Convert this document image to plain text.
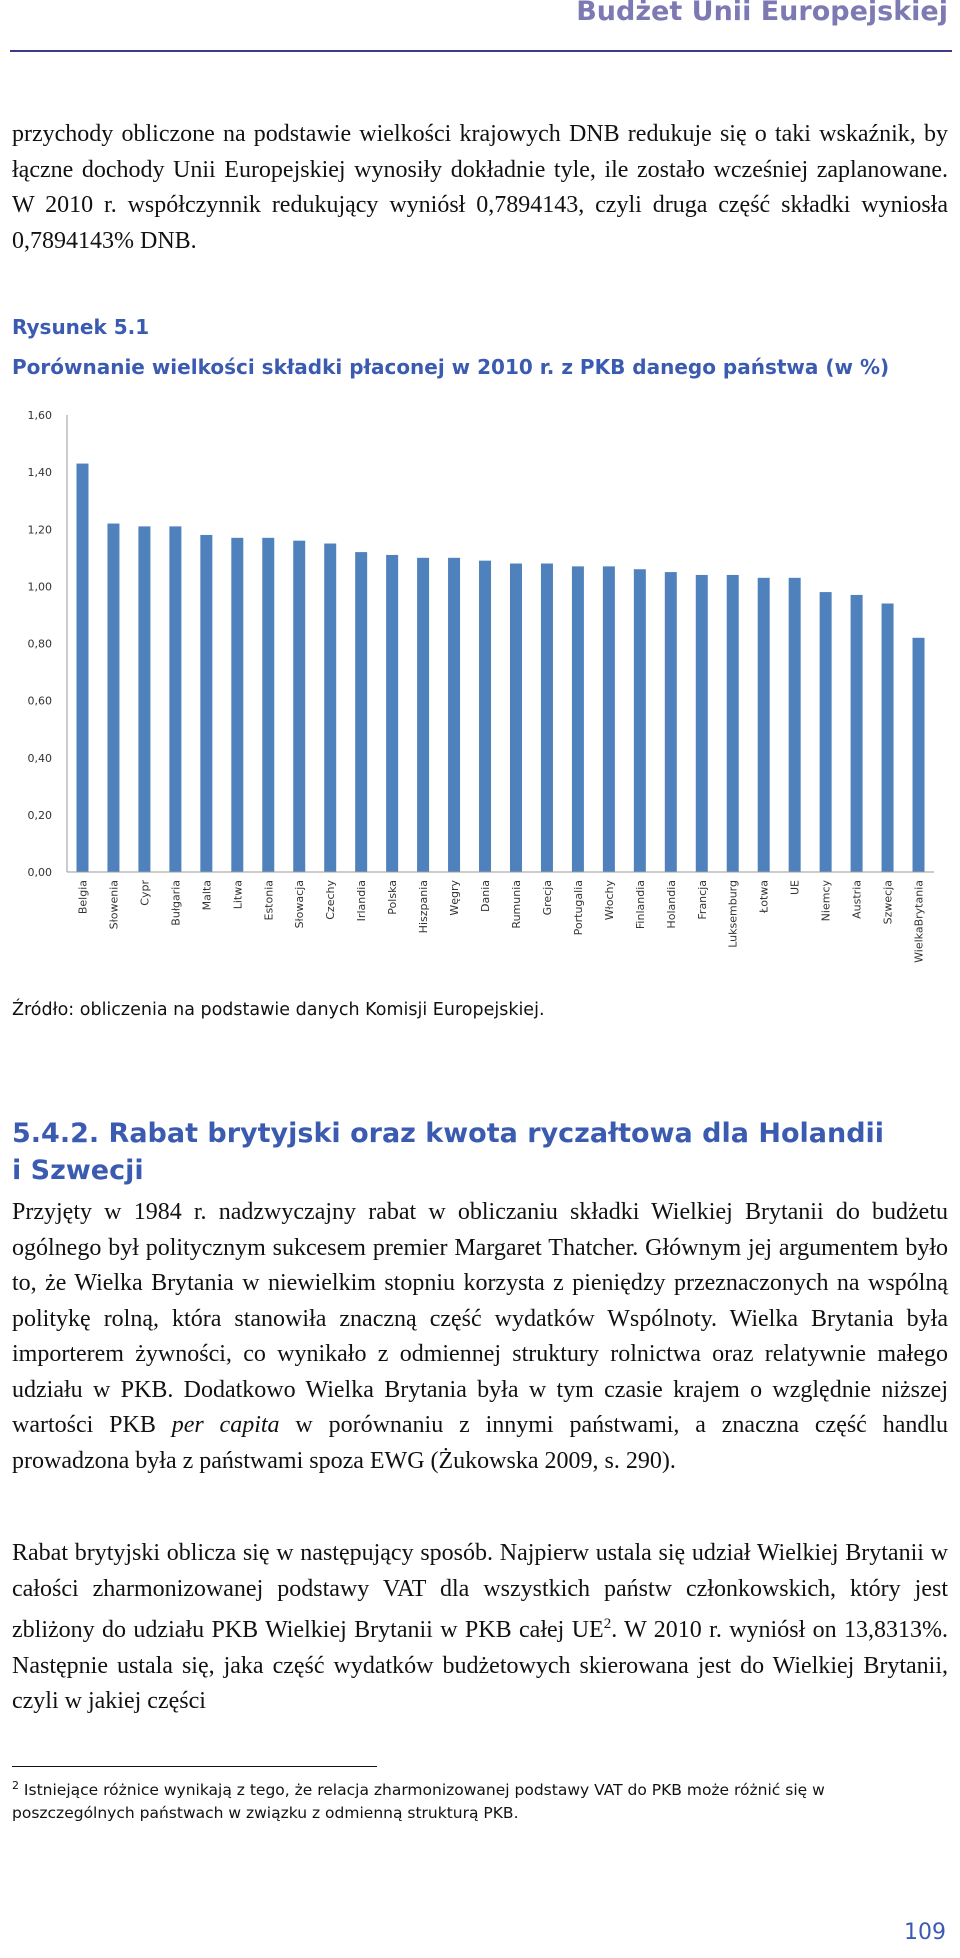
Budżet Unii Europejskiej

przychody obliczone na podstawie wielkości krajowych DNB redukuje się o taki wskaźnik, by łączne dochody Unii Europejskiej wynosiły dokładnie tyle, ile zostało wcześniej zaplanowane. W 2010 r. współczynnik redukujący wyniósł 0,7894143, czyli druga część składki wyniosła 0,7894143% DNB.

Rysunek 5.1
Porównanie wielkości składki płaconej w 2010 r. z PKB danego państwa (w %)
0,00
0,20
0,40
0,60
0,80
1,00
1,20
1,40
1,60
Belgia Słowenia Cypr Bułgaria Malta Litwa Estonia Słowacja Czechy Irlandia Polska Hiszpania Węgry Dania Rumunia Grecja Portugalia Włochy Finlandia Holandia Francja Luksemburg Łotwa UE Niemcy Austria Szwecja WielkaBrytania
Źródło: obliczenia na podstawie danych Komisji Europejskiej.
5.4.2. Rabat brytyjski oraz kwota ryczałtowa dla Holandii i Szwecji

Przyjęty w 1984 r. nadzwyczajny rabat w obliczaniu składki Wielkiej Brytanii do budżetu ogólnego był politycznym sukcesem premier Margaret Thatcher. Głównym jej argumentem było to, że Wielka Brytania w niewielkim stopniu korzysta z pieniędzy przeznaczonych na wspólną politykę rolną, która stanowiła znaczną część wydatków Wspólnoty. Wielka Brytania była importerem żywności, co wynikało z odmiennej struktury rolnictwa oraz relatywnie małego udziału w PKB. Dodatkowo Wielka Brytania była w tym czasie krajem o względnie niższej wartości PKB per capita w porównaniu z innymi państwami, a znaczna część handlu prowadzona była z państwami spoza EWG (Żukowska 2009, s. 290).

Rabat brytyjski oblicza się w następujący sposób. Najpierw ustala się udział Wielkiej Brytanii w całości zharmonizowanej podstawy VAT dla wszystkich państw członkowskich, który jest zbliżony do udziału PKB Wielkiej Brytanii w PKB całej $UE^2$. W 2010 r. wyniósł on 13,8313%. Następnie ustala się, jaka część wydatków budżetowych skierowana jest do Wielkiej Brytanii, czyli w jakiej części

$^2$ Istniejące różnice wynikają z tego, że relacja zharmonizowanej podstawy VAT do PKB może różnić się w poszczególnych państwach w związku z odmienną strukturą PKB.
109
